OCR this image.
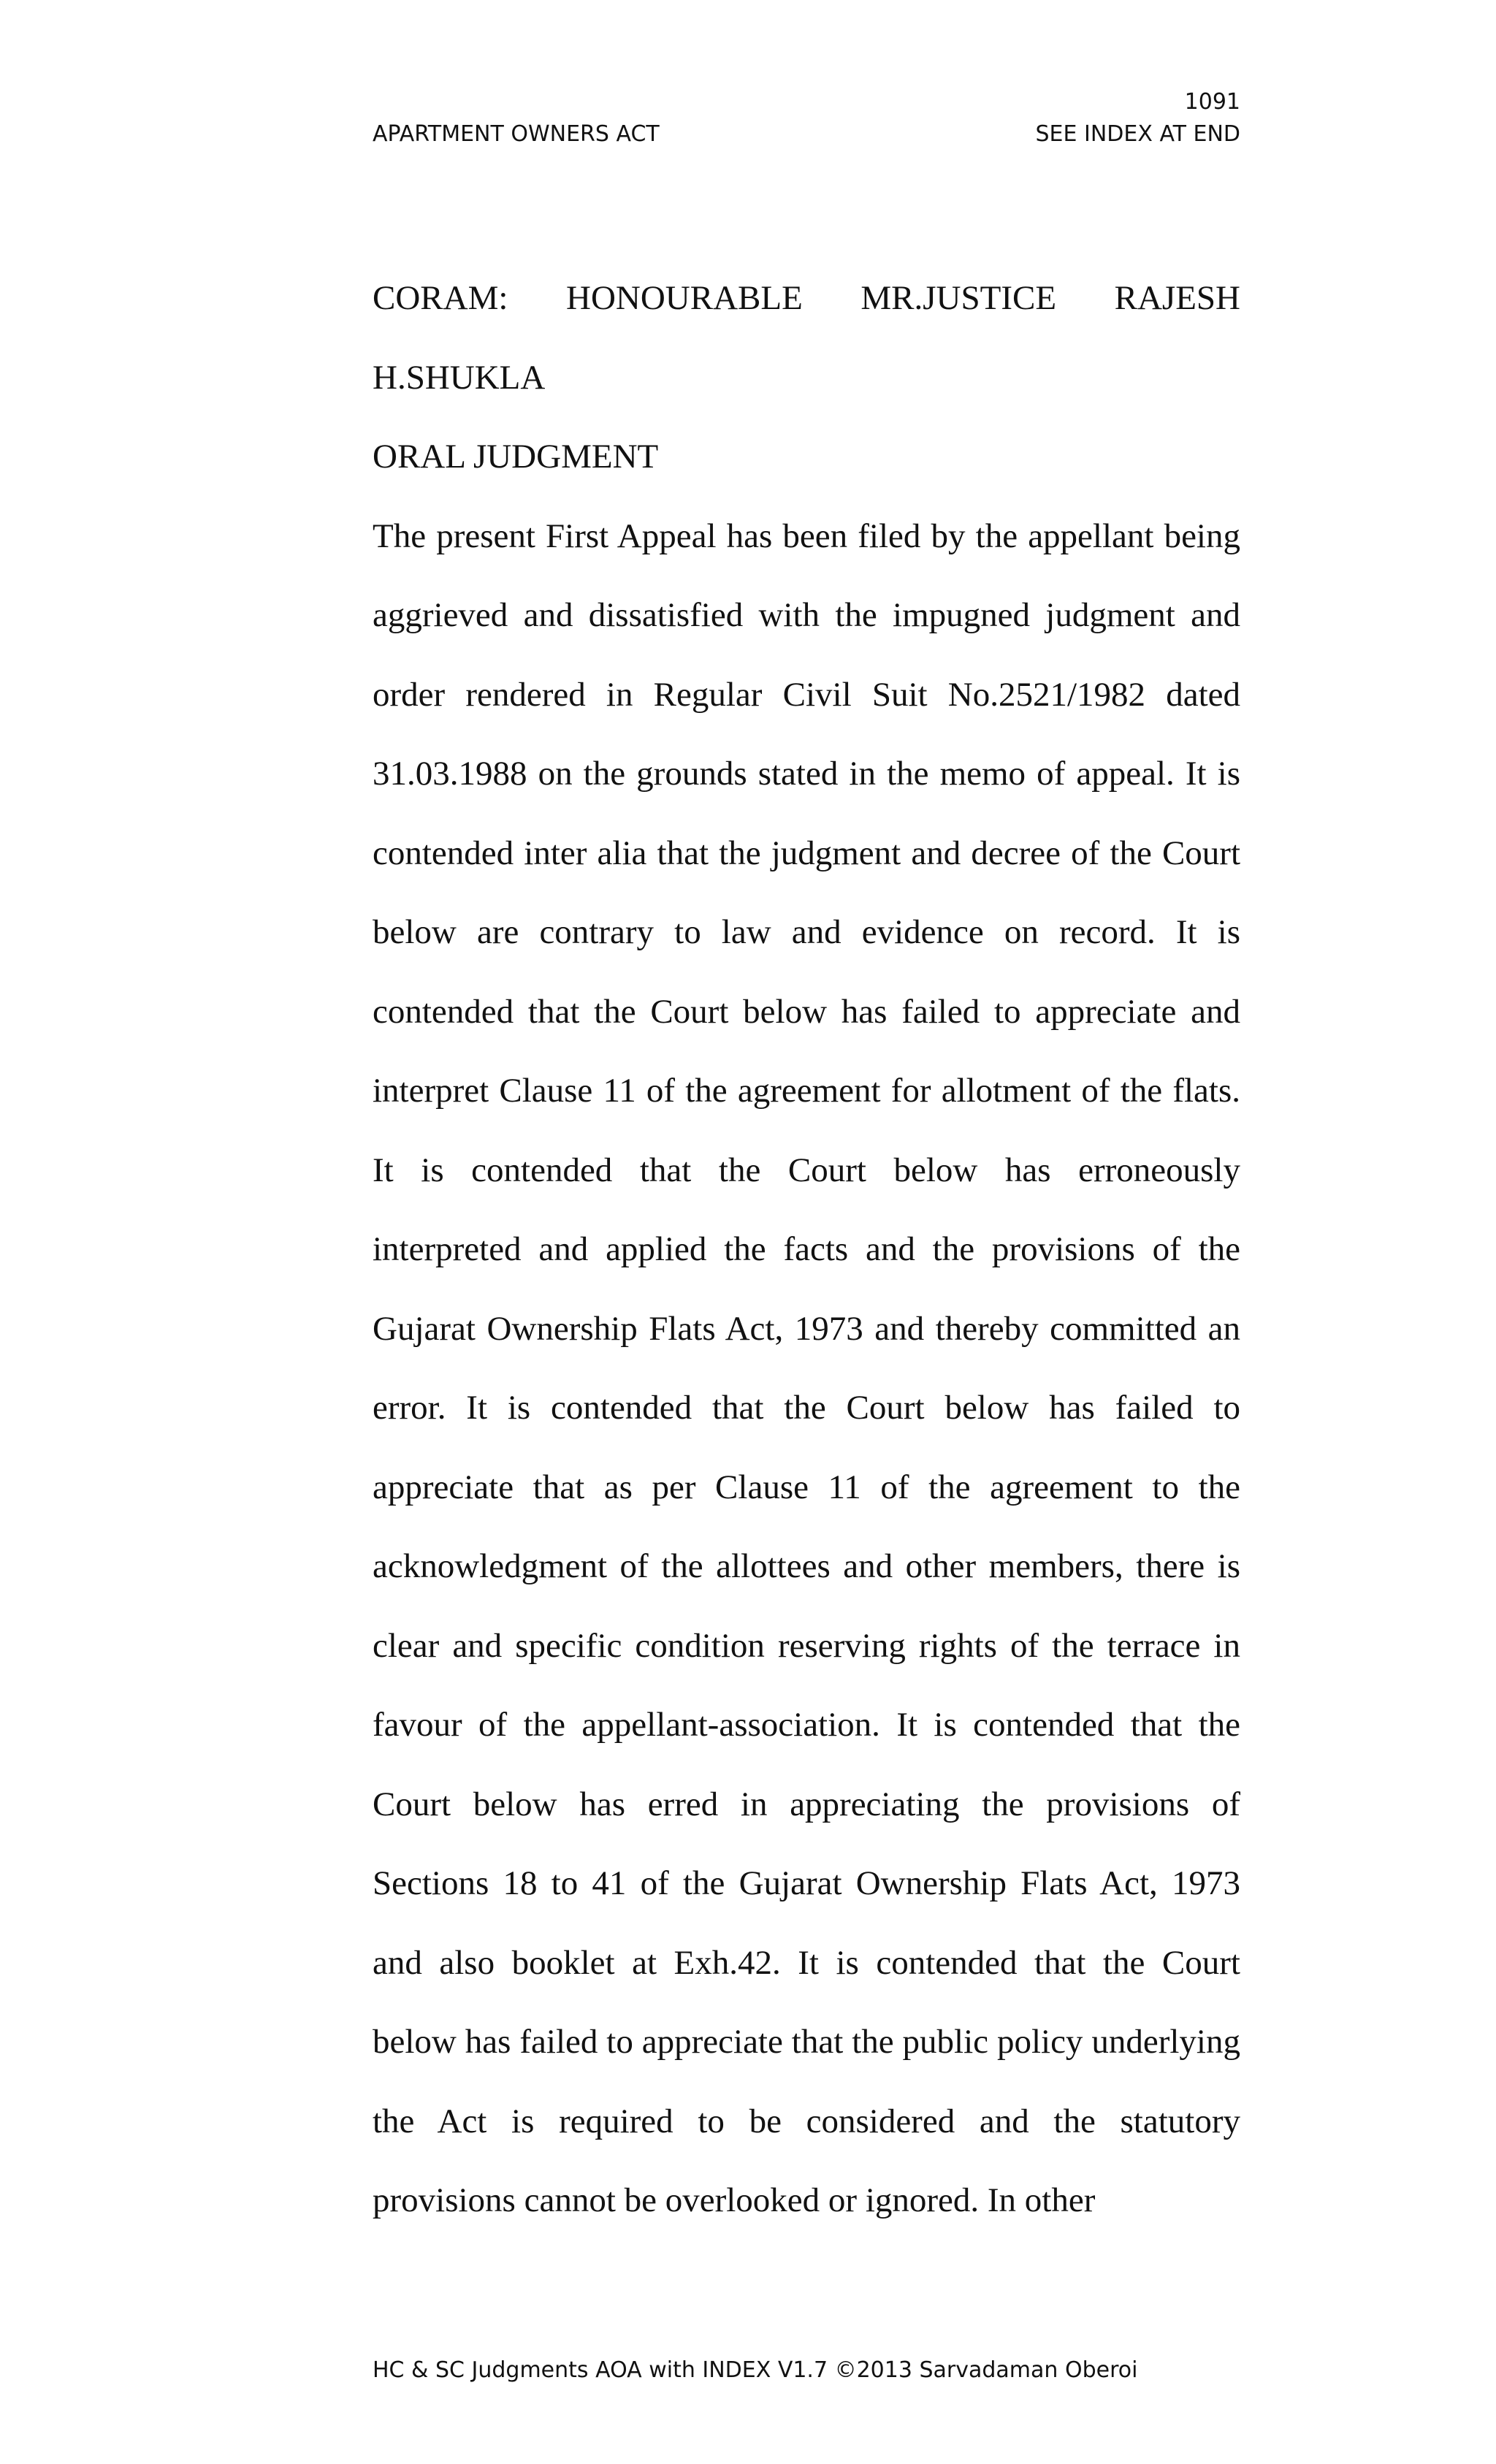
1091
APARTMENT OWNERS ACT	SEE INDEX AT END

CORAM: HONOURABLE MR.JUSTICE RAJESH H.SHUKLA

ORAL JUDGMENT

The present First Appeal has been filed by the appellant being aggrieved and dissatisfied with the impugned judgment and order rendered in Regular Civil Suit No.2521/1982 dated 31.03.1988 on the grounds stated in the memo of appeal. It is contended inter alia that the judgment and decree of the Court below are contrary to law and evidence on record. It is contended that the Court below has failed to appreciate and interpret Clause 11 of the agreement for allotment of the flats. It is contended that the Court below has erroneously interpreted and applied the facts and the provisions of the Gujarat Ownership Flats Act, 1973 and thereby committed an error. It is contended that the Court below has failed to appreciate that as per Clause 11 of the agreement to the acknowledgment of the allottees and other members, there is clear and specific condition reserving rights of the terrace in favour of the appellant-association. It is contended that the Court below has erred in appreciating the provisions of Sections 18 to 41 of the Gujarat Ownership Flats Act, 1973 and also booklet at Exh.42. It is contended that the Court below has failed to appreciate that the public policy underlying the Act is required to be considered and the statutory provisions cannot be overlooked or ignored. In other

HC & SC Judgments AOA with INDEX V1.7 ©2013 Sarvadaman Oberoi
